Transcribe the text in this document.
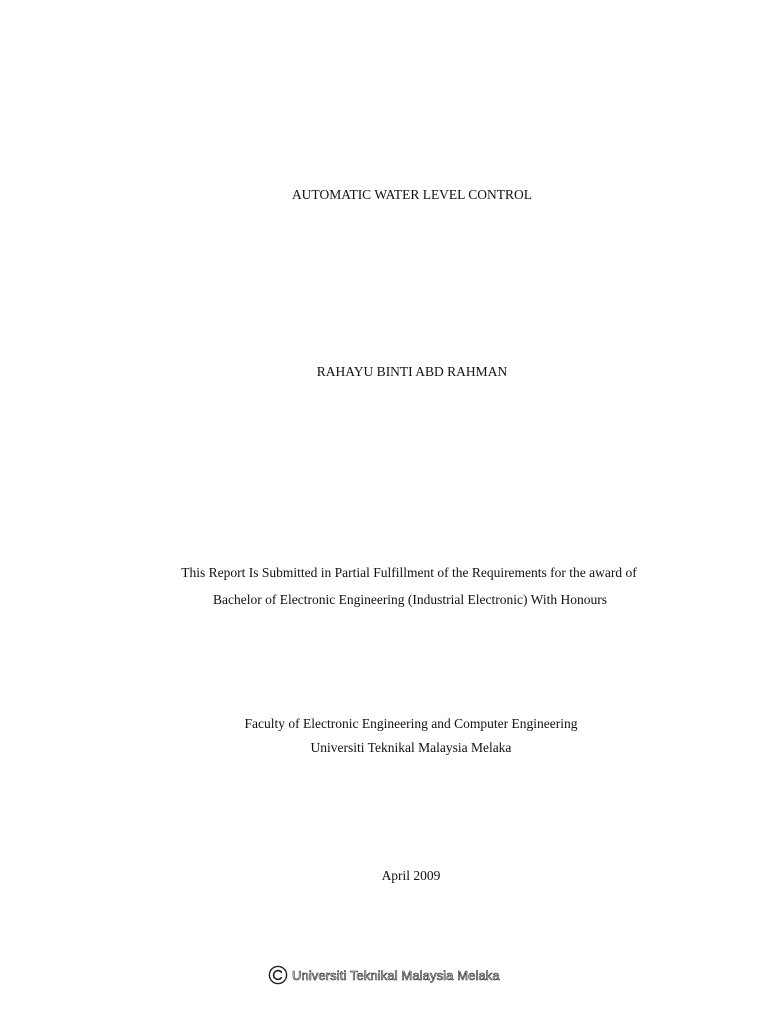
AUTOMATIC WATER LEVEL CONTROL
RAHAYU BINTI ABD RAHMAN
This Report Is Submitted in Partial Fulfillment of the Requirements for the award of
Bachelor of Electronic Engineering (Industrial Electronic) With Honours
Faculty of Electronic Engineering and Computer Engineering
Universiti Teknikal Malaysia Melaka
April 2009
Universiti Teknikal Malaysia Melaka
